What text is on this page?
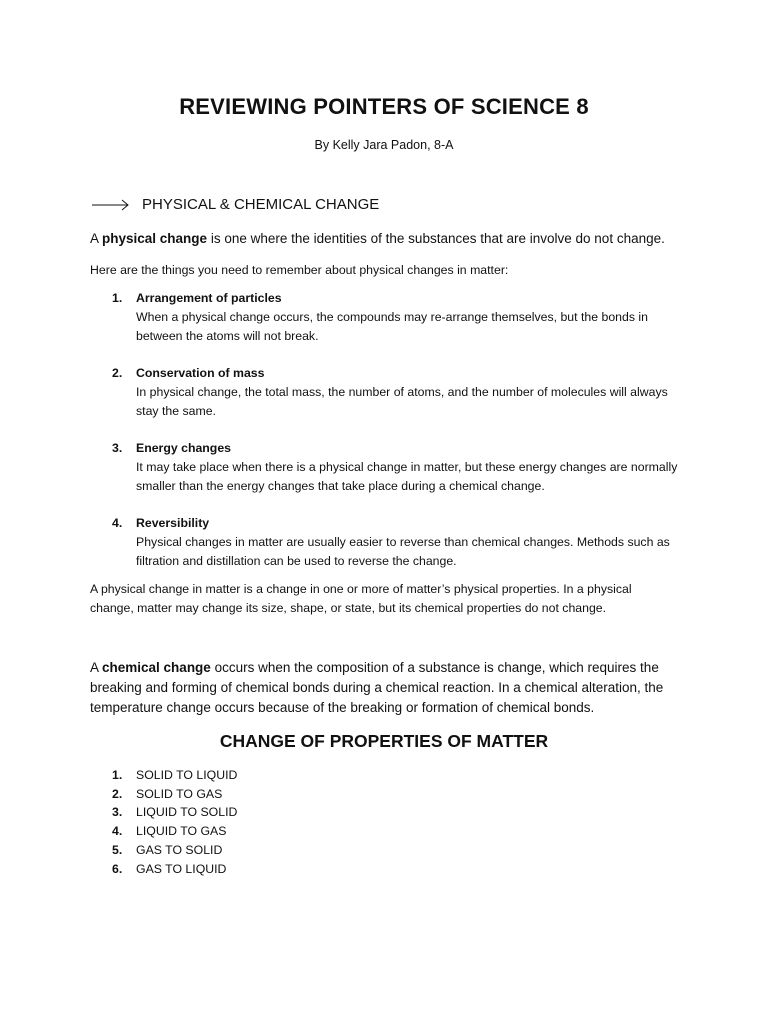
REVIEWING POINTERS OF SCIENCE 8
By Kelly Jara Padon, 8-A
PHYSICAL & CHEMICAL CHANGE
A physical change is one where the identities of the substances that are involve do not change.
Here are the things you need to remember about physical changes in matter:
1. Arrangement of particles
When a physical change occurs, the compounds may re-arrange themselves, but the bonds in between the atoms will not break.
2. Conservation of mass
In physical change, the total mass, the number of atoms, and the number of molecules will always stay the same.
3. Energy changes
It may take place when there is a physical change in matter, but these energy changes are normally smaller than the energy changes that take place during a chemical change.
4. Reversibility
Physical changes in matter are usually easier to reverse than chemical changes. Methods such as filtration and distillation can be used to reverse the change.
A physical change in matter is a change in one or more of matter’s physical properties. In a physical change, matter may change its size, shape, or state, but its chemical properties do not change.
A chemical change occurs when the composition of a substance is change, which requires the breaking and forming of chemical bonds during a chemical reaction. In a chemical alteration, the temperature change occurs because of the breaking or formation of chemical bonds.
CHANGE OF PROPERTIES OF MATTER
1. SOLID TO LIQUID
2. SOLID TO GAS
3. LIQUID TO SOLID
4. LIQUID TO GAS
5. GAS TO SOLID
6. GAS TO LIQUID
